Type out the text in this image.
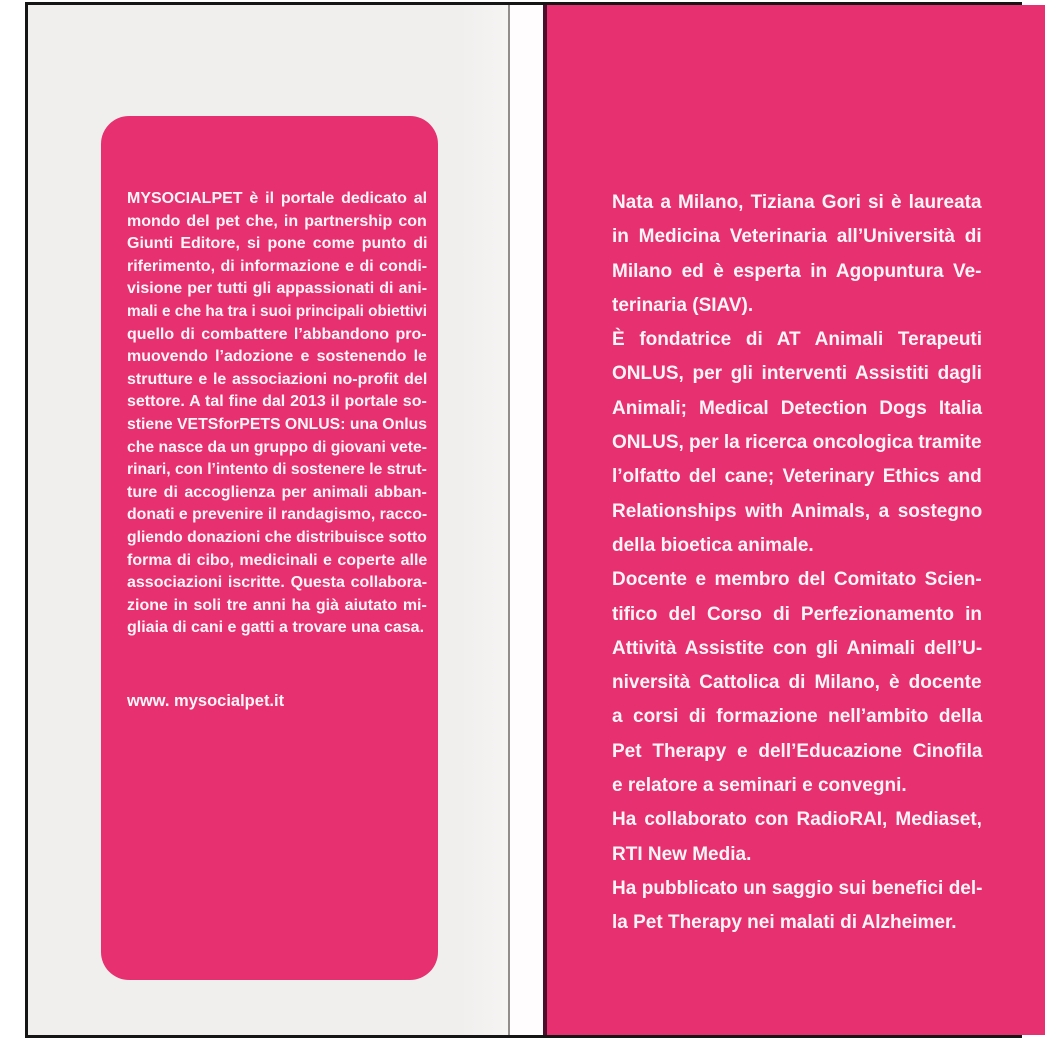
MYSOCIALPET è il portale dedicato al
mondo del pet che, in partnership con
Giunti Editore, si pone come punto di
riferimento, di informazione e di condi-
visione per tutti gli appassionati di ani-
mali e che ha tra i suoi principali obiettivi
quello di combattere l’abbandono pro-
muovendo l’adozione e sostenendo le
strutture e le associazioni no-profit del
settore. A tal fine dal 2013 il portale so-
stiene VETSforPETS ONLUS: una Onlus
che nasce da un gruppo di giovani vete-
rinari, con l’intento di sostenere le strut-
ture di accoglienza per animali abban-
donati e prevenire il randagismo, racco-
gliendo donazioni che distribuisce sotto
forma di cibo, medicinali e coperte alle
associazioni iscritte. Questa collabora-
zione in soli tre anni ha già aiutato mi-
gliaia di cani e gatti a trovare una casa.
www. mysocialpet.it
Nata a Milano, Tiziana Gori si è laureata
in Medicina Veterinaria all’Università di
Milano ed è esperta in Agopuntura Ve-
terinaria (SIAV).
È fondatrice di AT Animali Terapeuti
ONLUS, per gli interventi Assistiti dagli
Animali; Medical Detection Dogs Italia
ONLUS, per la ricerca oncologica tramite
l’olfatto del cane; Veterinary Ethics and
Relationships with Animals, a sostegno
della bioetica animale.
Docente e membro del Comitato Scien-
tifico del Corso di Perfezionamento in
Attività Assistite con gli Animali dell’U-
niversità Cattolica di Milano, è docente
a corsi di formazione nell’ambito della
Pet Therapy e dell’Educazione Cinofila
e relatore a seminari e convegni.
Ha collaborato con RadioRAI, Mediaset,
RTI New Media.
Ha pubblicato un saggio sui benefici del-
la Pet Therapy nei malati di Alzheimer.
